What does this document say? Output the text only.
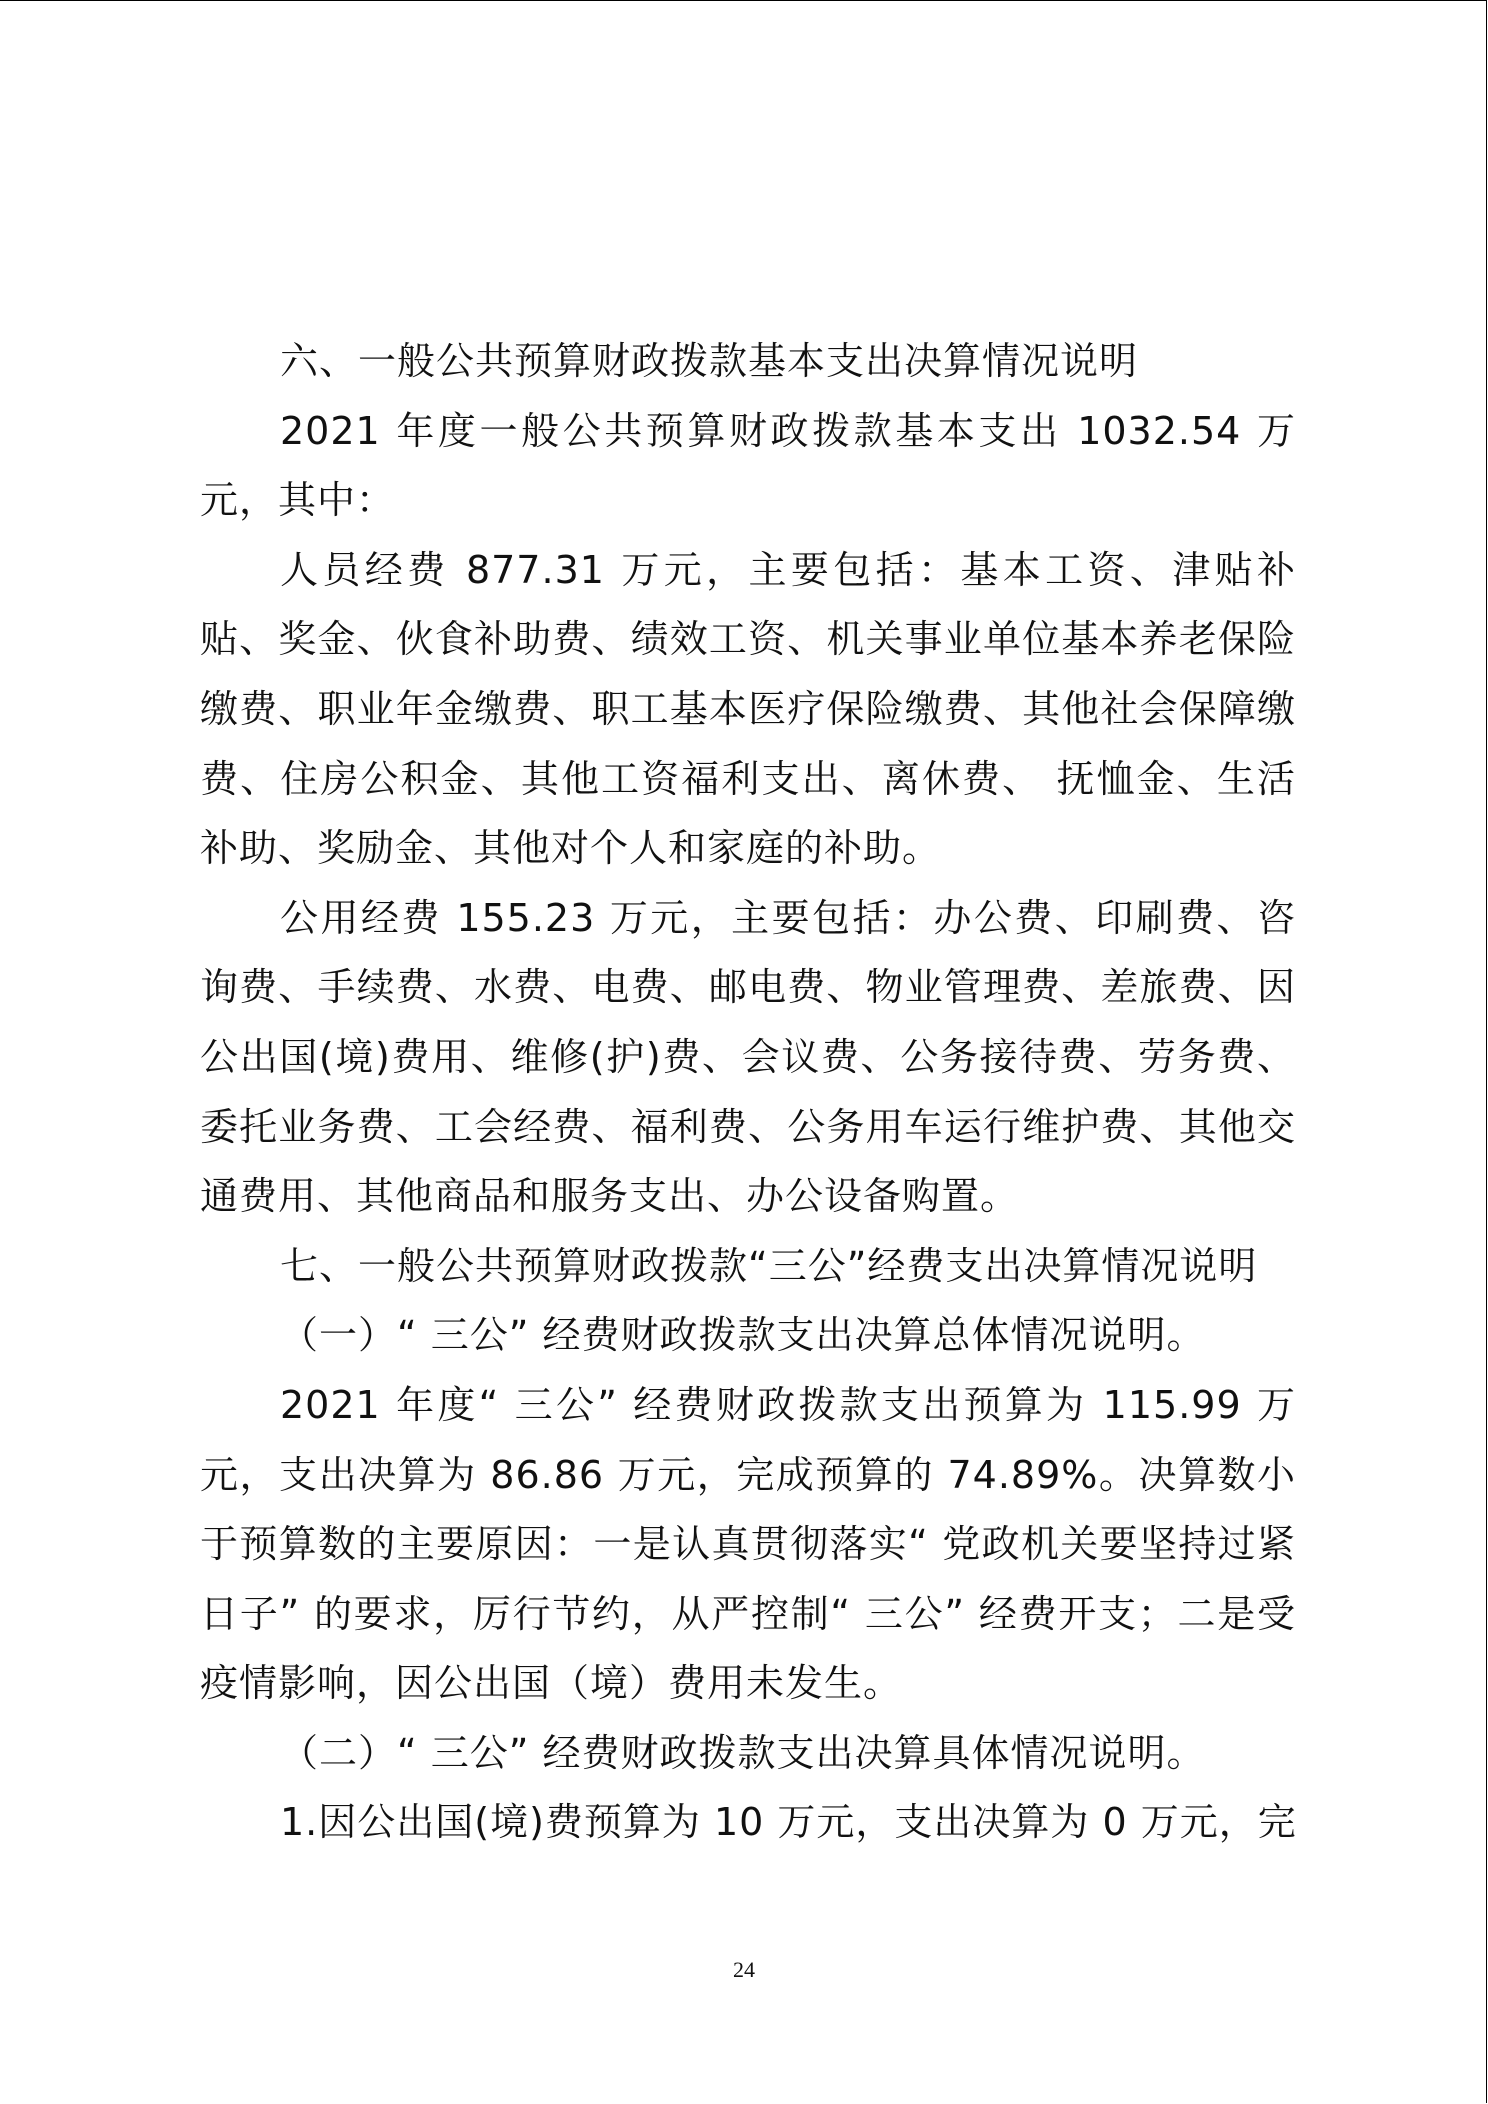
六、一般公共预算财政拨款基本支出决算情况说明

2021 年度一般公共预算财政拨款基本支出 1032.54 万元，其中：

人员经费 877.31 万元，主要包括：基本工资、津贴补贴、奖金、伙食补助费、绩效工资、机关事业单位基本养老保险缴费、职业年金缴费、职工基本医疗保险缴费、其他社会保障缴费、住房公积金、其他工资福利支出、离休费、 抚恤金、生活补助、奖励金、其他对个人和家庭的补助。

公用经费 155.23 万元，主要包括：办公费、印刷费、咨询费、手续费、水费、电费、邮电费、物业管理费、差旅费、因公出国(境)费用、维修(护)费、会议费、公务接待费、劳务费、委托业务费、工会经费、福利费、公务用车运行维护费、其他交通费用、其他商品和服务支出、办公设备购置。

七、一般公共预算财政拨款“三公”经费支出决算情况说明

（一）“ 三公” 经费财政拨款支出决算总体情况说明。

2021 年度“ 三公” 经费财政拨款支出预算为 115.99 万元，支出决算为 86.86 万元，完成预算的 74.89%。决算数小于预算数的主要原因：一是认真贯彻落实“ 党政机关要坚持过紧日子” 的要求，厉行节约，从严控制“ 三公” 经费开支；二是受疫情影响，因公出国（境）费用未发生。

（二）“ 三公” 经费财政拨款支出决算具体情况说明。

1.因公出国(境)费预算为 10 万元，支出决算为 0 万元，完

24
